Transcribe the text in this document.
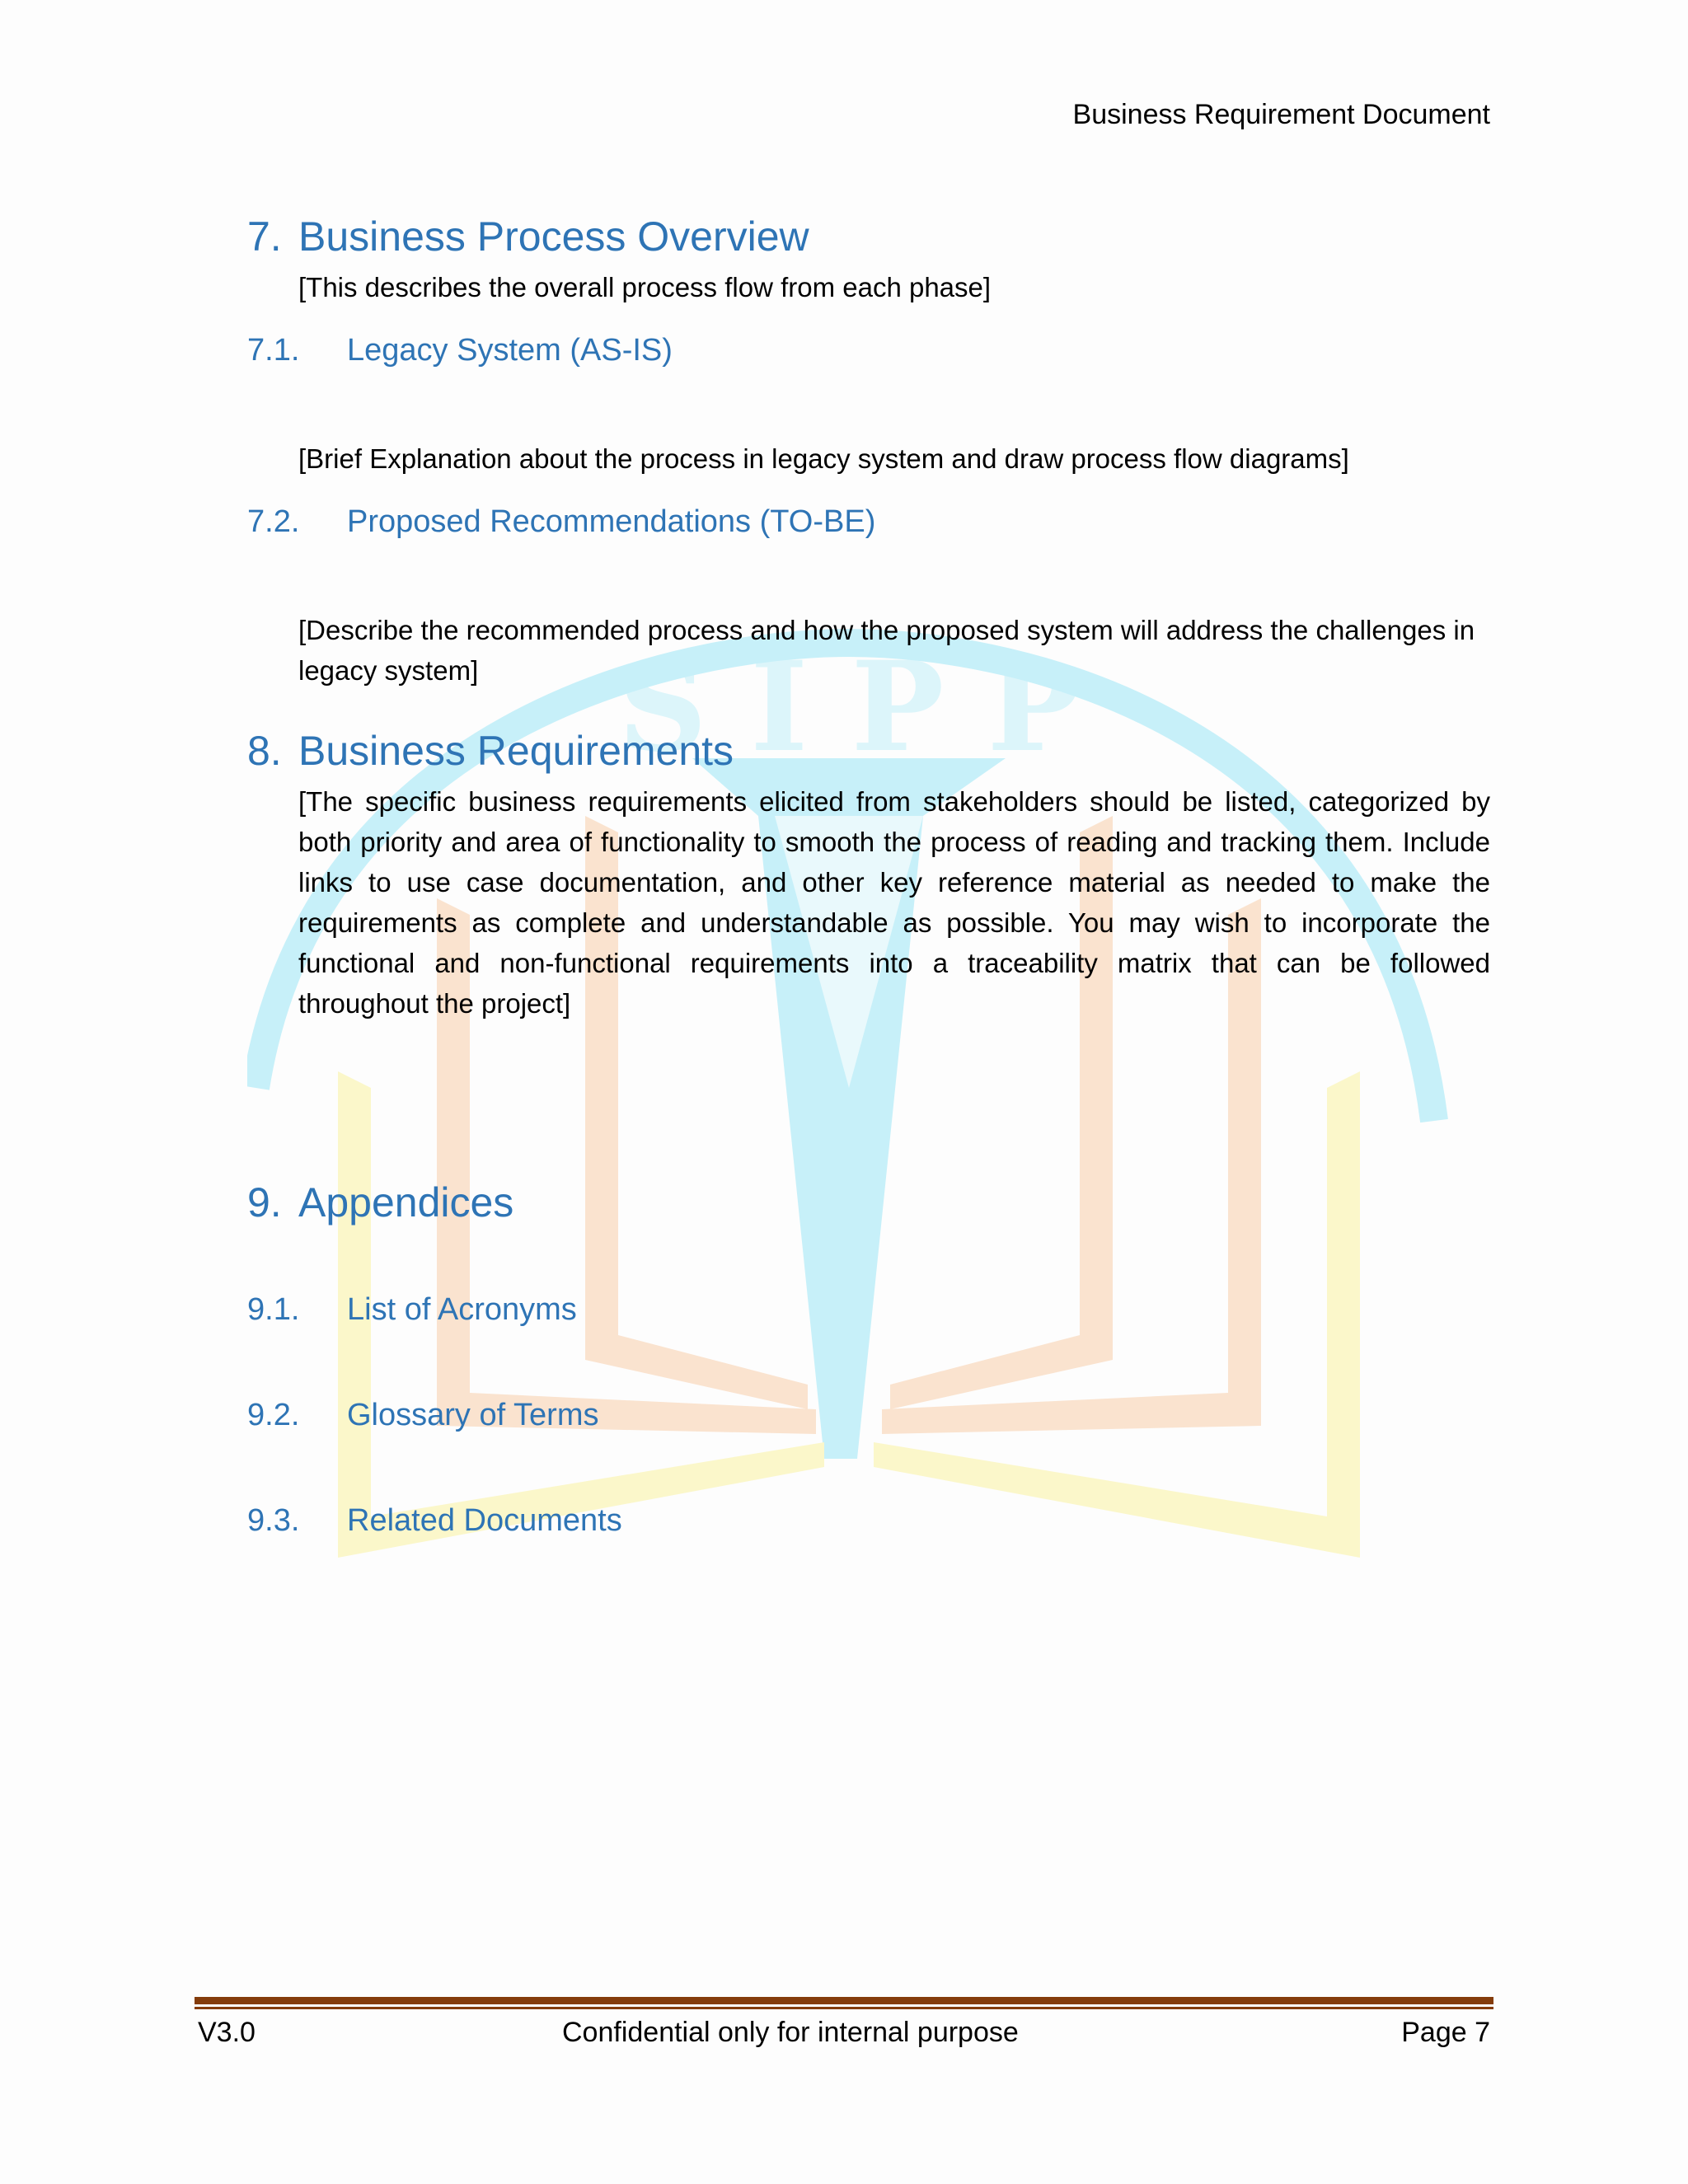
S I P P
Business Requirement Document
7. Business Process Overview

[This describes the overall process flow from each phase]

7.1. Legacy System (AS-IS)

[Brief Explanation about the process in legacy system and draw process flow diagrams]

7.2. Proposed Recommendations (TO-BE)

[Describe the recommended process and how the proposed system will address the challenges in legacy system]

8. Business Requirements

[The specific business requirements elicited from stakeholders should be listed, categorized by both priority and area of functionality to smooth the process of reading and tracking them. Include links to use case documentation, and other key reference material as needed to make the requirements as complete and understandable as possible. You may wish to incorporate the functional and non-functional requirements into a traceability matrix that can be followed throughout the project]

9. Appendices
9.1. List of Acronyms
9.2. Glossary of Terms
9.3. Related Documents
V3.0	Confidential only for internal purpose	Page 7
